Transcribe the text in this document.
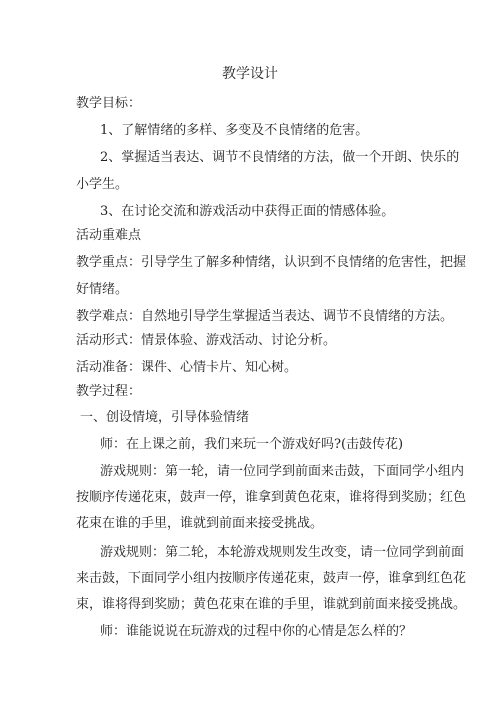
教学设计
教学目标：
1、了解情绪的多样、多变及不良情绪的危害。
2、掌握适当表达、调节不良情绪的方法，做一个开朗、快乐的
小学生。
3、在讨论交流和游戏活动中获得正面的情感体验。
活动重难点
教学重点：引导学生了解多种情绪，认识到不良情绪的危害性，把握
好情绪。
教学难点：自然地引导学生掌握适当表达、调节不良情绪的方法。
活动形式：情景体验、游戏活动、讨论分析。
活动准备：课件、心情卡片、知心树。
教学过程：
一、创设情境，引导体验情绪
师：在上课之前，我们来玩一个游戏好吗?(击鼓传花)
游戏规则：第一轮，请一位同学到前面来击鼓，下面同学小组内
按顺序传递花束，鼓声一停，谁拿到黄色花束，谁将得到奖励；红色
花束在谁的手里，谁就到前面来接受挑战。
游戏规则：第二轮，本轮游戏规则发生改变，请一位同学到前面
来击鼓，下面同学小组内按顺序传递花束，鼓声一停，谁拿到红色花
束，谁将得到奖励；黄色花束在谁的手里，谁就到前面来接受挑战。
师：谁能说说在玩游戏的过程中你的心情是怎么样的？
